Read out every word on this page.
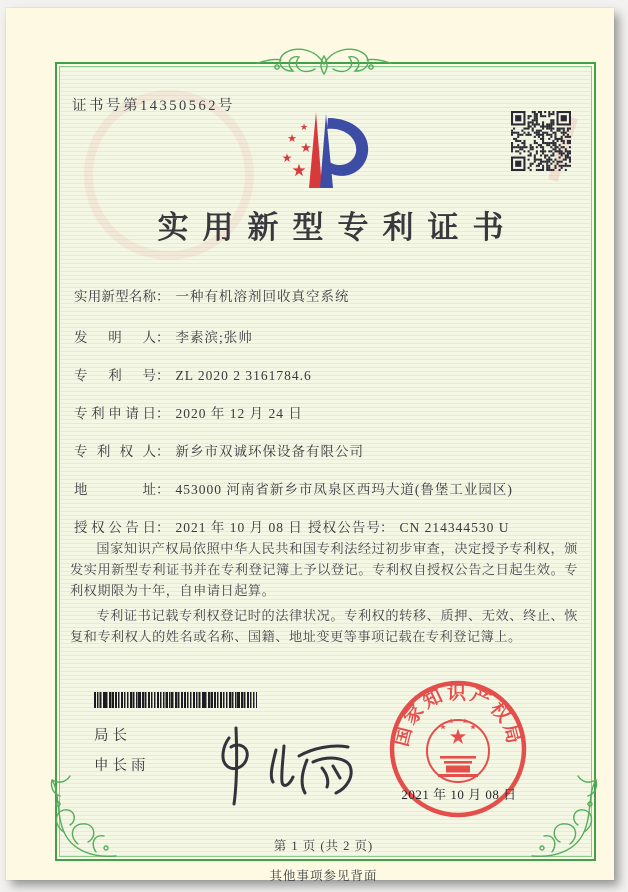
证书号第14350562号
★
★
★
★
★
实用新型专利证书
实用新型名称： 一种有机溶剂回收真空系统
发明人： 李素滨;张帅
专利号： ZL 2020 2 3161784.6
专利申请日： 2020 年 12 月 24 日
专利权人： 新乡市双诚环保设备有限公司
地址： 453000 河南省新乡市凤泉区西玛大道(鲁堡工业园区)
授权公告日： 2021 年 10 月 08 日 授权公告号： CN 214344530 U

国家知识产权局依照中华人民共和国专利法经过初步审查，决定授予专利权，颁发实用新型专利证书并在专利登记簿上予以登记。专利权自授权公告之日起生效。专利权期限为十年，自申请日起算。

专利证书记载专利权登记时的法律状况。专利权的转移、质押、无效、终止、恢复和专利权人的姓名或名称、国籍、地址变更等事项记载在专利登记簿上。

局长
申长雨
国家知识产权局
2021 年 10 月 08 日
第 1 页 (共 2 页)
其他事项参见背面
